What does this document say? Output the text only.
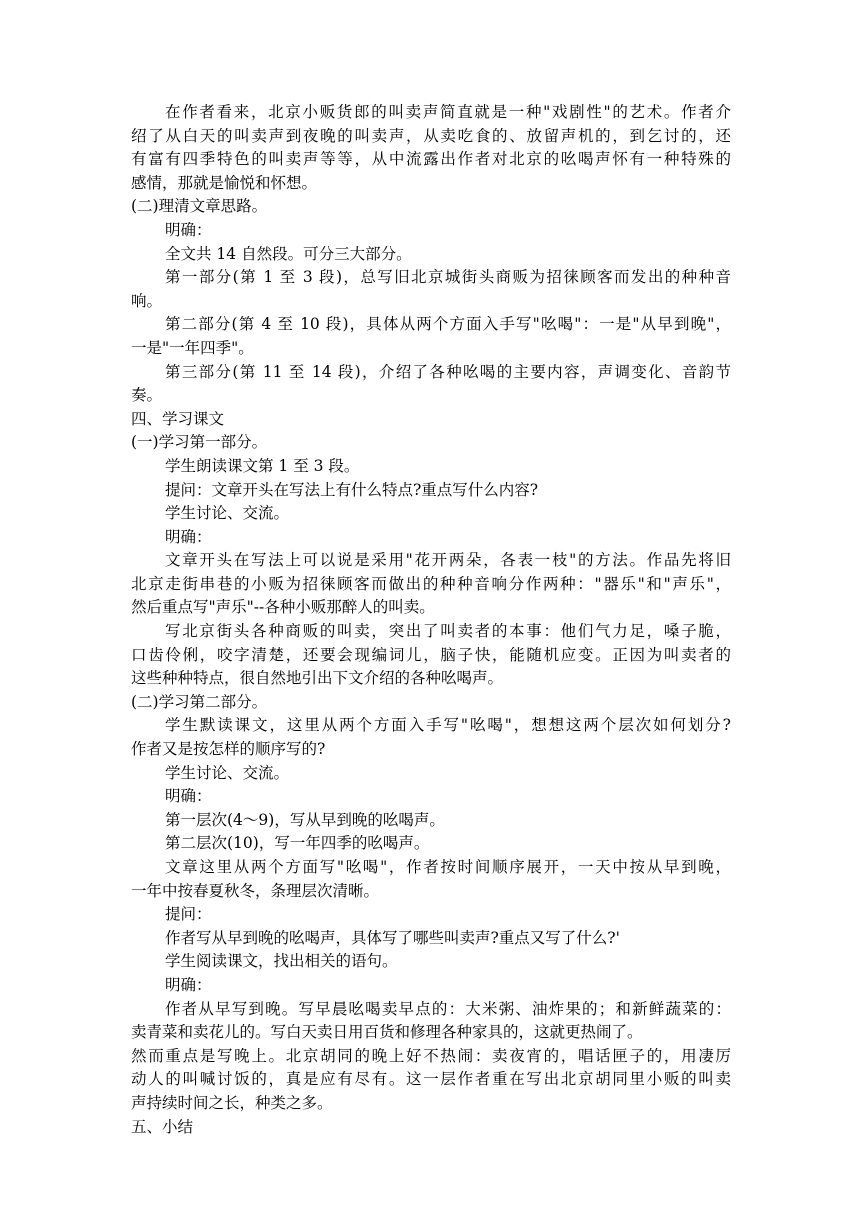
在作者看来，北京小贩货郎的叫卖声简直就是一种"戏剧性"的艺术。作者介
绍了从白天的叫卖声到夜晚的叫卖声，从卖吃食的、放留声机的，到乞讨的，还
有富有四季特色的叫卖声等等，从中流露出作者对北京的吆喝声怀有一种特殊的
感情，那就是愉悦和怀想。
(二)理清文章思路。
明确：
全文共 14 自然段。可分三大部分。
第一部分(第 1 至 3 段)，总写旧北京城街头商贩为招徕顾客而发出的种种音
响。
第二部分(第 4 至 10 段)，具体从两个方面入手写"吆喝"：一是"从早到晚"，
一是"一年四季"。
第三部分(第 11 至 14 段)，介绍了各种吆喝的主要内容，声调变化、音韵节
奏。
四、学习课文
(一)学习第一部分。
学生朗读课文第 1 至 3 段。
提问：文章开头在写法上有什么特点?重点写什么内容?
学生讨论、交流。
明确：
文章开头在写法上可以说是采用"花开两朵，各表一枝"的方法。作品先将旧
北京走街串巷的小贩为招徕顾客而做出的种种音响分作两种："器乐"和"声乐"，
然后重点写"声乐"--各种小贩那醉人的叫卖。
写北京街头各种商贩的叫卖，突出了叫卖者的本事：他们气力足，嗓子脆，
口齿伶俐，咬字清楚，还要会现编词儿，脑子快，能随机应变。正因为叫卖者的
这些种种特点，很自然地引出下文介绍的各种吆喝声。
(二)学习第二部分。
学生默读课文，这里从两个方面入手写"吆喝"，想想这两个层次如何划分?
作者又是按怎样的顺序写的?
学生讨论、交流。
明确：
第一层次(4～9)，写从早到晚的吆喝声。
第二层次(10)，写一年四季的吆喝声。
文章这里从两个方面写"吆喝"，作者按时间顺序展开，一天中按从早到晚，
一年中按春夏秋冬，条理层次清晰。
提问：
作者写从早到晚的吆喝声，具体写了哪些叫卖声?重点又写了什么?'
学生阅读课文，找出相关的语句。
明确：
作者从早写到晚。写早晨吆喝卖早点的：大米粥、油炸果的；和新鲜蔬菜的：
卖青菜和卖花儿的。写白天卖日用百货和修理各种家具的，这就更热闹了。
然而重点是写晚上。北京胡同的晚上好不热闹：卖夜宵的，唱话匣子的，用凄厉
动人的叫喊讨饭的，真是应有尽有。这一层作者重在写出北京胡同里小贩的叫卖
声持续时间之长，种类之多。
五、小结
